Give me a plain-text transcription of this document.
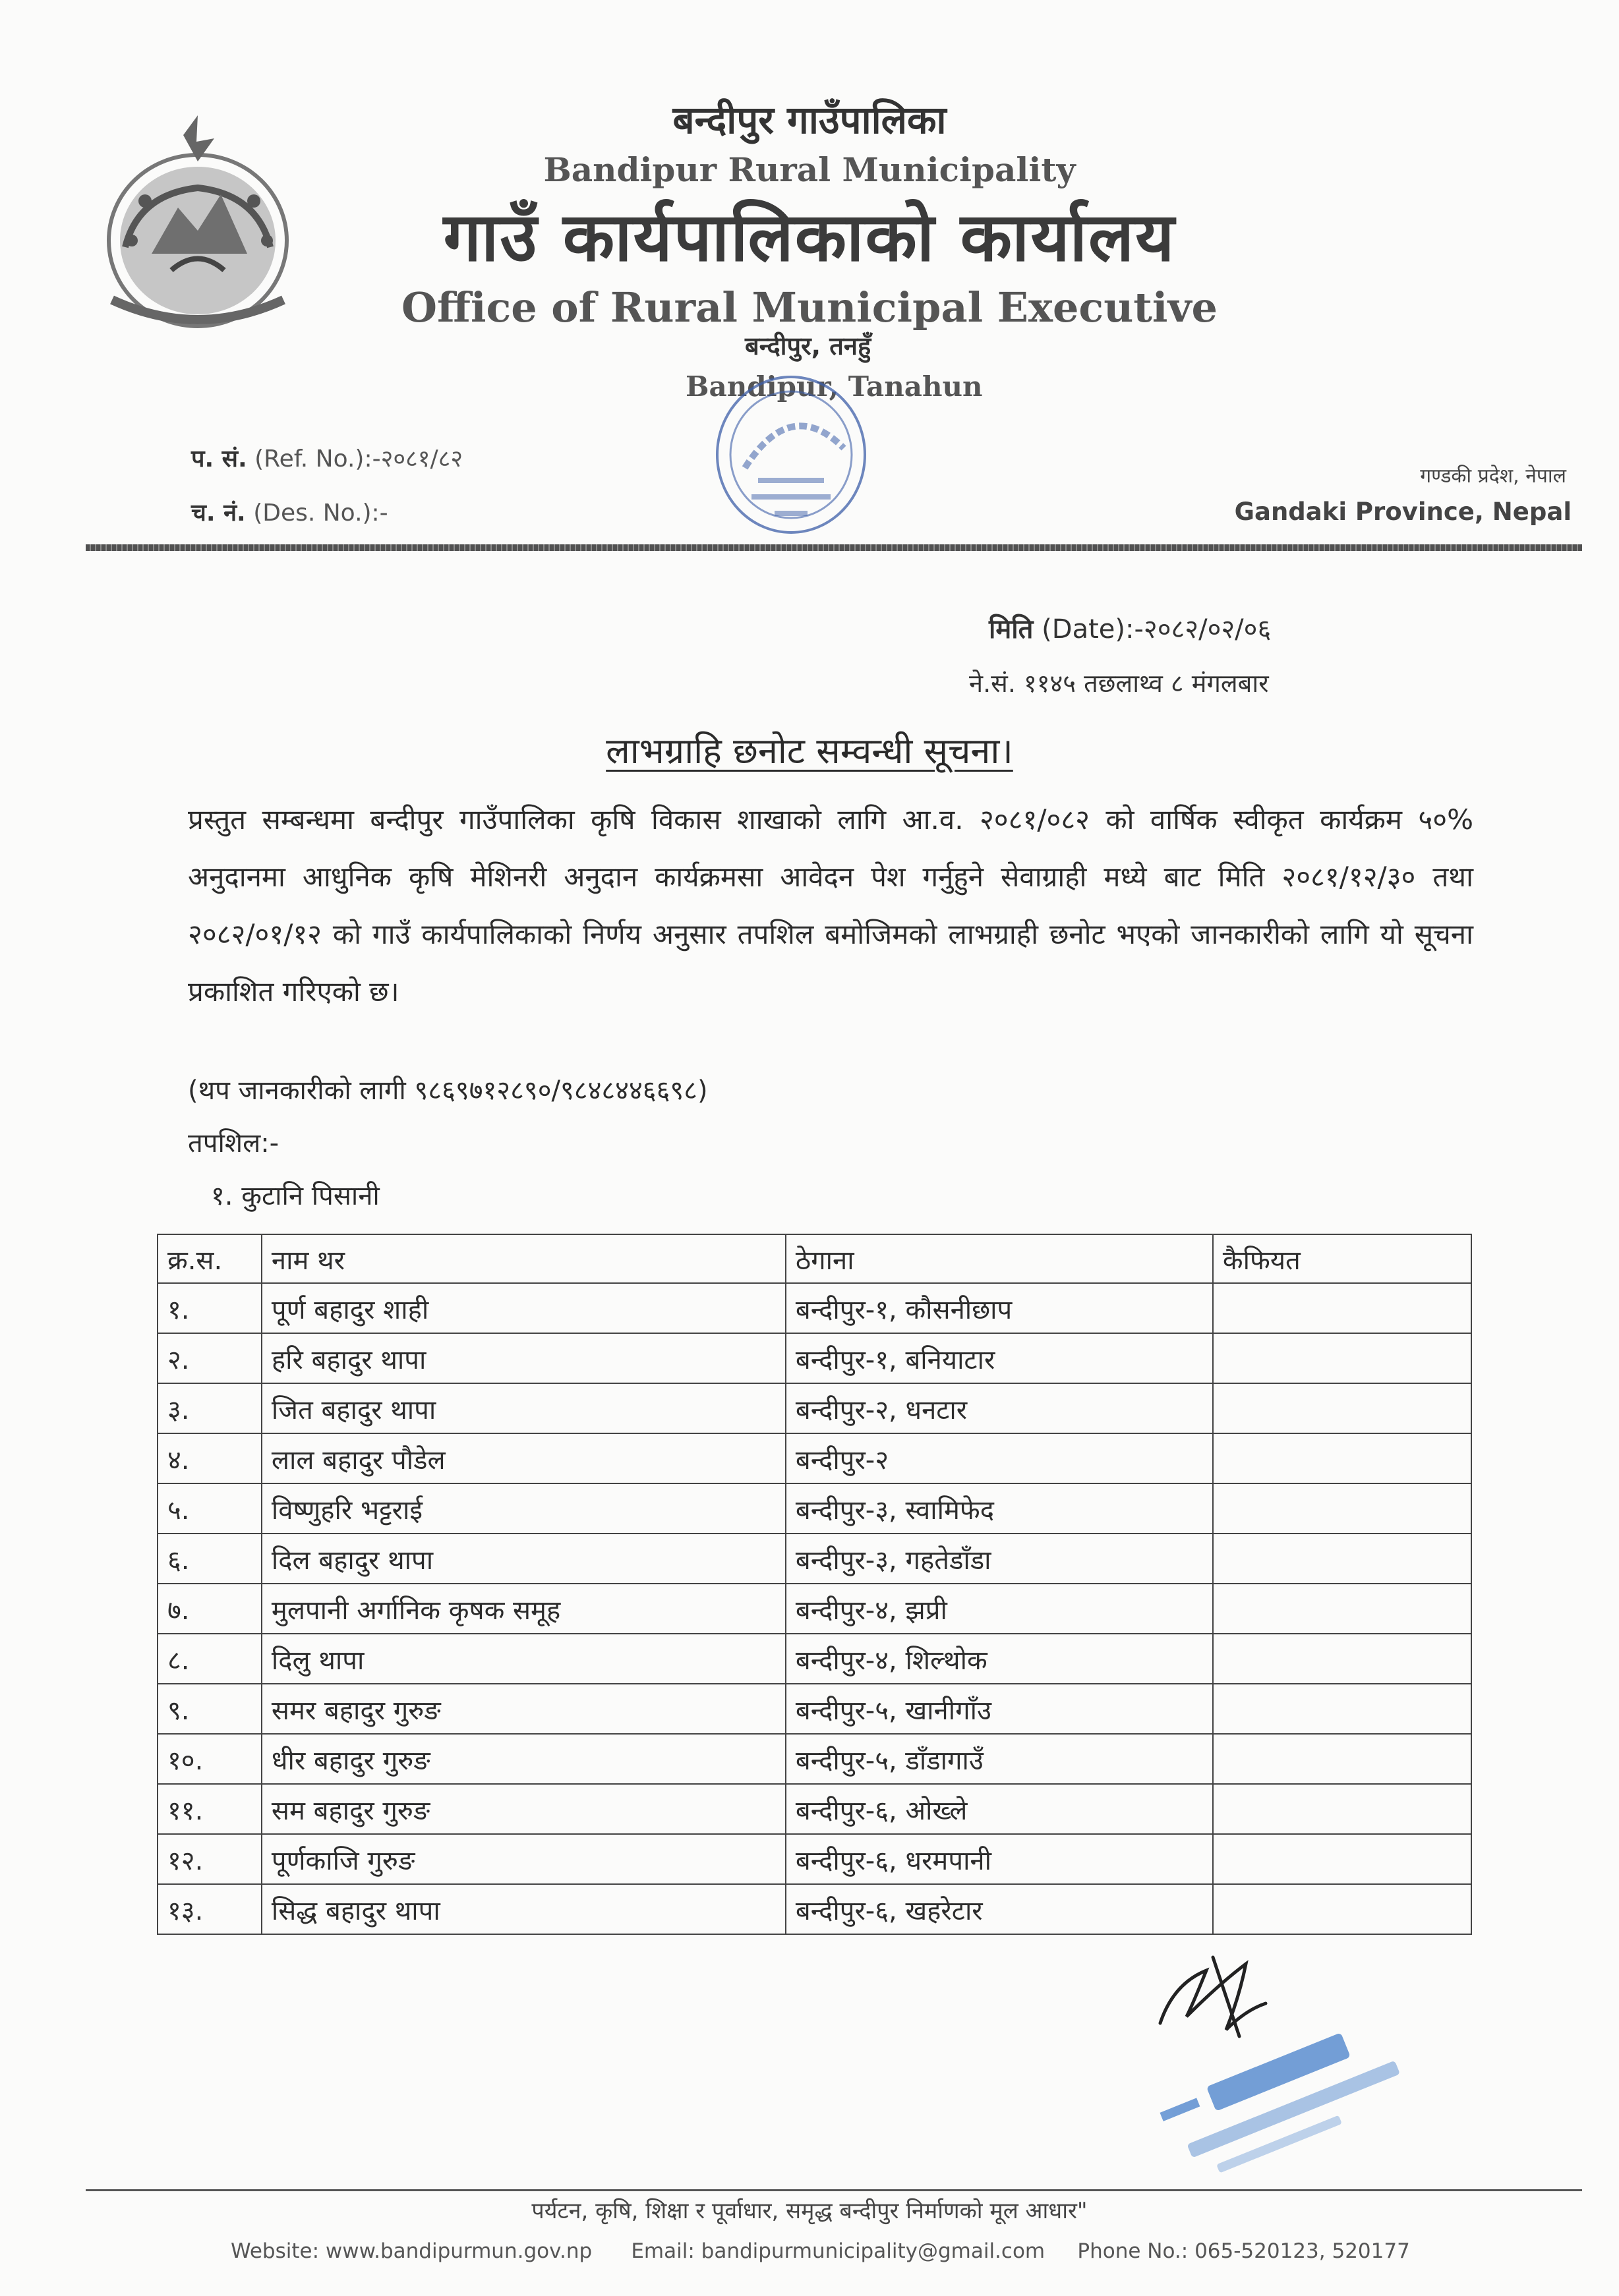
बन्दीपुर गाउँपालिका
Bandipur Rural Municipality
गाउँ कार्यपालिकाको कार्यालय
Office of Rural Municipal Executive
बन्दीपुर, तनहुँ
Bandipur, Tanahun
प. सं. (Ref. No.):-२०८१/८२
च. नं. (Des. No.):-
गण्डकी प्रदेश, नेपाल
Gandaki Province, Nepal
मिति (Date):-२०८२/०२/०६
ने.सं. ११४५ तछलाथ्व ८ मंगलबार
लाभग्राहि छनोट सम्वन्धी सूचना।
प्रस्तुत सम्बन्धमा बन्दीपुर गाउँपालिका कृषि विकास शाखाको लागि आ.व. २०८१/०८२ को वार्षिक स्वीकृत कार्यक्रम ५०% अनुदानमा आधुनिक कृषि मेशिनरी अनुदान कार्यक्रमसा आवेदन पेश गर्नुहुने सेवाग्राही मध्ये बाट मिति २०८१/१२/३० तथा २०८२/०१/१२ को गाउँ कार्यपालिकाको निर्णय अनुसार तपशिल बमोजिमको लाभग्राही छनोट भएको जानकारीको लागि यो सूचना प्रकाशित गरिएको छ।
(थप जानकारीको लागी ९८६९७१२८९०/९८४८४४६६९८)
तपशिल:-
१. कुटानि पिसानी
क्र.स.	नाम थर	ठेगाना	कैफियत
१.	पूर्ण बहादुर शाही	बन्दीपुर-१, कौसनीछाप	
२.	हरि बहादुर थापा	बन्दीपुर-१, बनियाटार	
३.	जित बहादुर थापा	बन्दीपुर-२, धनटार	
४.	लाल बहादुर पौडेल	बन्दीपुर-२	
५.	विष्णुहरि भट्टराई	बन्दीपुर-३, स्वामिफेद	
६.	दिल बहादुर थापा	बन्दीपुर-३, गहतेडाँडा	
७.	मुलपानी अर्गानिक कृषक समूह	बन्दीपुर-४, झप्री	
८.	दिलु थापा	बन्दीपुर-४, शिल्थोक	
९.	समर बहादुर गुरुङ	बन्दीपुर-५, खानीगाँउ	
१०.	धीर बहादुर गुरुङ	बन्दीपुर-५, डाँडागाउँ	
११.	सम बहादुर गुरुङ	बन्दीपुर-६, ओख्ले	
१२.	पूर्णकाजि गुरुङ	बन्दीपुर-६, धरमपानी	
१३.	सिद्ध बहादुर थापा	बन्दीपुर-६, खहरेटार	
पर्यटन, कृषि, शिक्षा र पूर्वाधार, समृद्ध बन्दीपुर निर्माणको मूल आधार"
Website: www.bandipurmun.gov.np Email: bandipurmunicipality@gmail.com Phone No.: 065-520123, 520177
